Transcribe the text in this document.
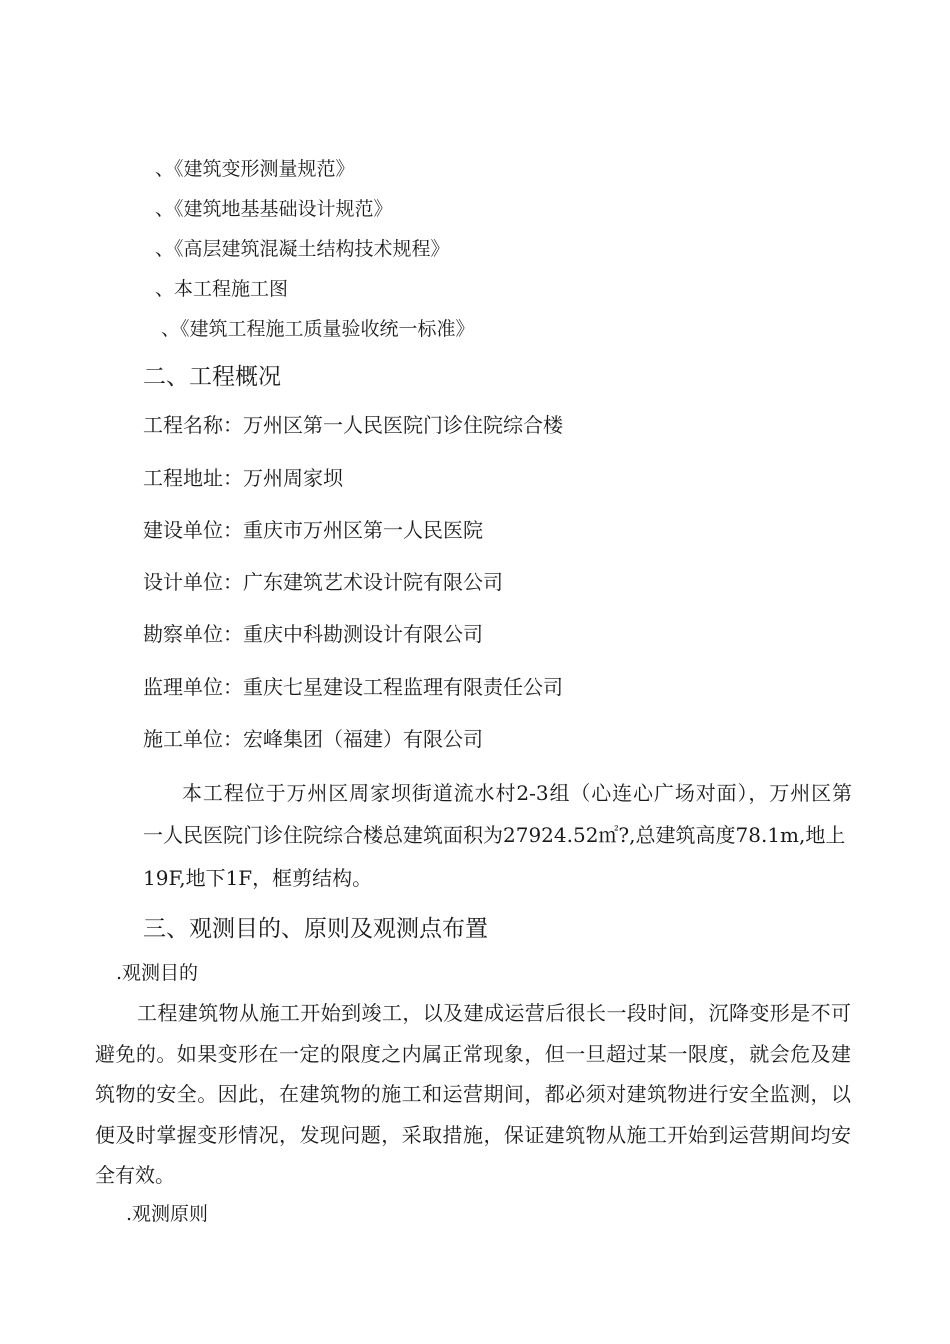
、《建筑变形测量规范》
、《建筑地基基础设计规范》
、《高层建筑混凝土结构技术规程》
、本工程施工图
、《建筑工程施工质量验收统一标准》
二、工程概况
工程名称：万州区第一人民医院门诊住院综合楼
工程地址：万州周家坝
建设单位：重庆市万州区第一人民医院
设计单位：广东建筑艺术设计院有限公司
勘察单位：重庆中科勘测设计有限公司
监理单位：重庆七星建设工程监理有限责任公司
施工单位：宏峰集团（福建）有限公司
本工程位于万州区周家坝街道流水村2-3组（心连心广场对面），万州区第
一人民医院门诊住院综合楼总建筑面积为27924.52㎡?,总建筑高度78.1m,地上
19F,地下1F，框剪结构。
三、观测目的、原则及观测点布置
.观测目的
工程建筑物从施工开始到竣工，以及建成运营后很长一段时间，沉降变形是不可
避免的。如果变形在一定的限度之内属正常现象，但一旦超过某一限度，就会危及建
筑物的安全。因此，在建筑物的施工和运营期间，都必须对建筑物进行安全监测，以
便及时掌握变形情况，发现问题，采取措施，保证建筑物从施工开始到运营期间均安
全有效。
.观测原则
